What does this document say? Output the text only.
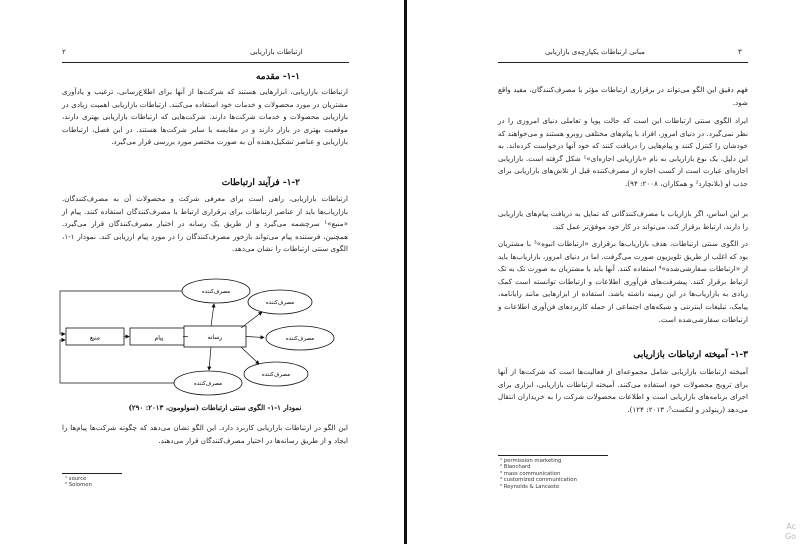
۲	ارتباطات بازاریابی
۱-۱- مقدمه
ارتباطات بازاریابی، ابزارهایی هستند که شرکت‌ها از آنها برای اطلاع‌رسانی، ترغیب و یادآوری مشتریان در مورد محصولات و خدمات خود استفاده می‌کنند. ارتباطات بازاریابی اهمیت زیادی در بازاریابی محصولات و خدمات شرکت‌ها دارند. شرکت‌هایی که ارتباطات بازاریابی بهتری دارند، موقعیت بهتری در بازار دارند و در مقایسه با سایر شرکت‌ها هستند. در این فصل، ارتباطات بازاریابی و عناصر تشکیل‌دهنده آن به صورت مختصر مورد بررسی قرار می‌گیرد.
۱-۲- فرآیند ارتباطات
ارتباطات بازاریابی، راهی است برای معرفی شرکت و محصولات آن به مصرف‌کنندگان. بازاریاب‌ها باید از عناصر ارتباطات برای برقراری ارتباط با مصرف‌کنندگان استفاده کنند. پیام از «منبع»¹ سرچشمه می‌گیرد و از طریق یک رسانه در اختیار مصرف‌کنندگان قرار می‌گیرد. همچنین، فرستنده پیام می‌تواند بازخور مصرف‌کنندگان را در مورد پیام ارزیابی کند. نمودار ۱-۱، الگوی سنتی ارتباطات را نشان می‌دهد.
منبع	پیام	رسانه
مصرف‌کننده
مصرف‌کننده
مصرف‌کننده
مصرف‌کننده
مصرف‌کننده
نمودار ۱-۱- الگوی سنتی ارتباطات (سولومون، ۲۰۱۳: ۲۹۰)
این الگو در ارتباطات بازاریابی کاربرد دارد. این الگو نشان می‌دهد که چگونه شرکت‌ها پیام‌ها را ایجاد و از طریق رسانه‌ها در اختیار مصرف‌کنندگان قرار می‌دهند.
¹ source
² Solomon
مبانی ارتباطات یکپارچه‌ی بازاریابی	۳
فهم دقیق این الگو می‌تواند در برقراری ارتباطات مؤثر با مصرف‌کنندگان، مفید واقع شود.
ایراد الگوی سنتی ارتباطات این است که حالت پویا و تعاملی دنیای امروزی را در نظر نمی‌گیرد. در دنیای امروز، افراد با پیام‌های مختلفی روبرو هستند و می‌خواهند که خودشان را کنترل کنند و پیام‌هایی را دریافت کنند که خود آنها درخواست کرده‌اند. به این دلیل، یک نوع بازاریابی به نام «بازاریابی اجازه‌ای»¹ شکل گرفته است. بازاریابی اجازه‌ای عبارت است از کسب اجازه از مصرف‌کننده قبل از تلاش‌های بازاریابی برای جذب او (بلانچارد² و همکاران، ۲۰۰۸: ۹۴).
بر این اساس، اگر بازاریاب با مصرف‌کنندگانی که تمایل به دریافت پیام‌های بازاریابی را دارند، ارتباط برقرار کند، می‌تواند در کار خود موفق‌تر عمل کند.
در الگوی سنتی ارتباطات، هدف بازاریاب‌ها برقراری «ارتباطات انبوه»³ با مشتریان بود که اغلب از طریق تلویزیون صورت می‌گرفت. اما در دنیای امروز، بازاریاب‌ها باید از «ارتباطات سفارشی‌شده»⁴ استفاده کنند. آنها باید با مشتریان به صورت تک به تک ارتباط برقرار کنند. پیشرفت‌های فن‌آوری اطلاعات و ارتباطات توانسته است کمک زیادی به بازاریاب‌ها در این زمینه داشته باشد. استفاده از ابزارهایی مانند رایانامه، پیامک، تبلیغات اینترنتی و شبکه‌های اجتماعی از جمله کاربردهای فن‌آوری اطلاعات و ارتباطات سفارشی‌شده است.
۱-۳- آمیخته ارتباطات بازاریابی
آمیخته ارتباطات بازاریابی شامل مجموعه‌ای از فعالیت‌ها است که شرکت‌ها از آنها برای ترویج محصولات خود استفاده می‌کنند. آمیخته ارتباطات بازاریابی، ابزاری برای اجرای برنامه‌های بازاریابی است و اطلاعات محصولات شرکت را به خریداران انتقال می‌دهد (رینولدز و لنکست⁵، ۲۰۱۳: ۱۲۴).
¹ permission marketing
² Blanchard
³ mass communication
⁴ customized communication
⁵ Reynolds & Lancaste
Ac
Go
